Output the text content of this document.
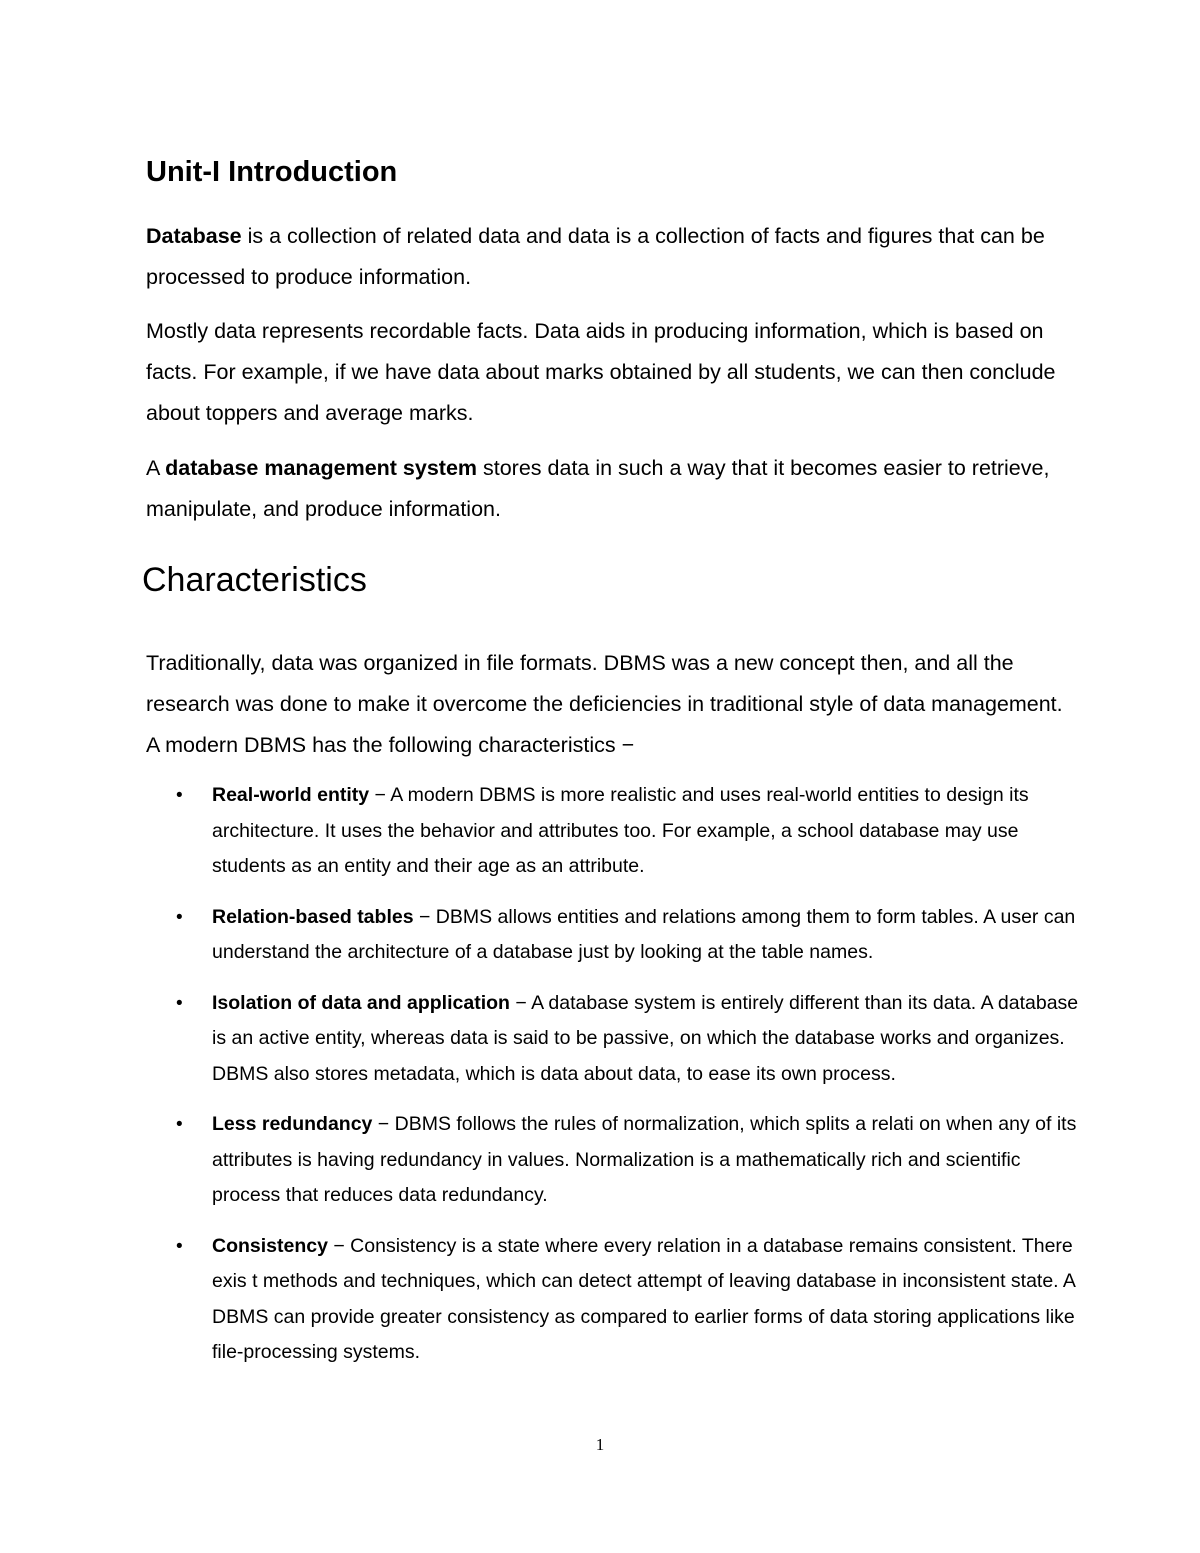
Unit-I Introduction

Database is a collection of related data and data is a collection of facts and figures that can be processed to produce information.

Mostly data represents recordable facts. Data aids in producing information, which is based on facts. For example, if we have data about marks obtained by all students, we can then conclude about toppers and average marks.

A database management system stores data in such a way that it becomes easier to retrieve, manipulate, and produce information.

Characteristics

Traditionally, data was organized in file formats. DBMS was a new concept then, and all the research was done to make it overcome the deficiencies in traditional style of data management. A modern DBMS has the following characteristics −

• Real-world entity − A modern DBMS is more realistic and uses real-world entities to design its architecture. It uses the behavior and attributes too. For example, a school database may use students as an entity and their age as an attribute.
• Relation-based tables − DBMS allows entities and relations among them to form tables. A user can understand the architecture of a database just by looking at the table names.
• Isolation of data and application − A database system is entirely different than its data. A database is an active entity, whereas data is said to be passive, on which the database works and organizes. DBMS also stores metadata, which is data about data, to ease its own process.
• Less redundancy − DBMS follows the rules of normalization, which splits a relati on when any of its attributes is having redundancy in values. Normalization is a mathematically rich and scientific process that reduces data redundancy.
• Consistency − Consistency is a state where every relation in a database remains consistent. There exis t methods and techniques, which can detect attempt of leaving database in inconsistent state. A DBMS can provide greater consistency as compared to earlier forms of data storing applications like file-processing systems.
1
